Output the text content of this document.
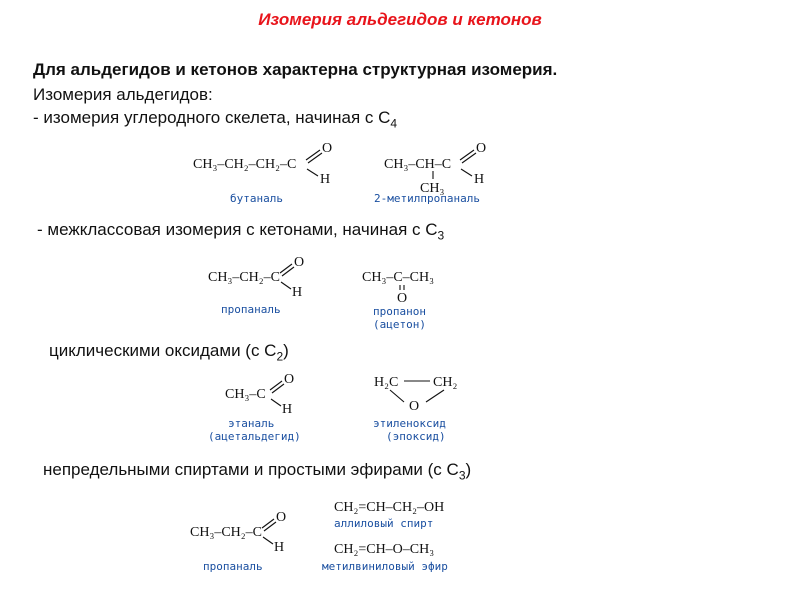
Изомерия альдегидов и кетонов
Для альдегидов и кетонов характерна структурная изомерия.
Изомерия альдегидов:
- изомерия углеродного скелета, начиная с $C_4$
- межклассовая изомерия с кетонами, начиная с $C_3$
циклическими оксидами (с $C_2$)
непредельными спиртами и простыми эфирами (с $C_3$)
CH₃–CH₂–CH₂–C
O
H
бутаналь
CH₃–CH–C
O
H
CH₃
2-метилпропаналь
CH₃–CH₂–C
O
H
пропаналь
CH₃–C–CH₃
O
пропанон
(ацетон)
CH₃–C
O
H
этаналь
(ацетальдегид)
H₂C CH₂
O
этиленоксид
(эпоксид)
CH₃–CH₂–C
O
H
пропаналь
CH₂=CH–CH₂–OH
аллиловый спирт
CH₂=CH–O–CH₃
метилвиниловый эфир
